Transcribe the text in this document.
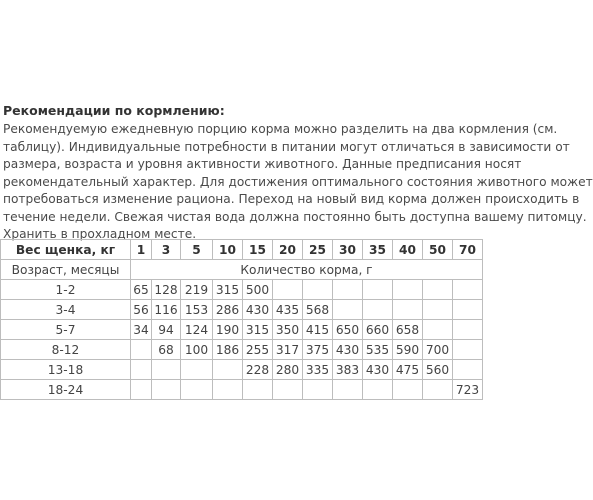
Рекомендации по кормлению:
Рекомендуемую ежедневную порцию корма можно разделить на два кормления (см.
таблицу). Индивидуальные потребности в питании могут отличаться в зависимости от
размера, возраста и уровня активности животного. Данные предписания носят
рекомендательный характер. Для достижения оптимального состояния животного может
потребоваться изменение рациона. Переход на новый вид корма должен происходить в
течение недели. Свежая чистая вода должна постоянно быть доступна вашему питомцу.
Хранить в прохладном месте.
Вес щенка, кг	1	3	5	10	15	20	25	30	35	40	50	70
Возраст, месяцы	Количество корма, г											
1-2	65	128	219	315	500							
3-4	56	116	153	286	430	435	568					
5-7	34	94	124	190	315	350	415	650	660	658		
8-12		68	100	186	255	317	375	430	535	590	700	
13-18					228	280	335	383	430	475	560	
18-24												723
